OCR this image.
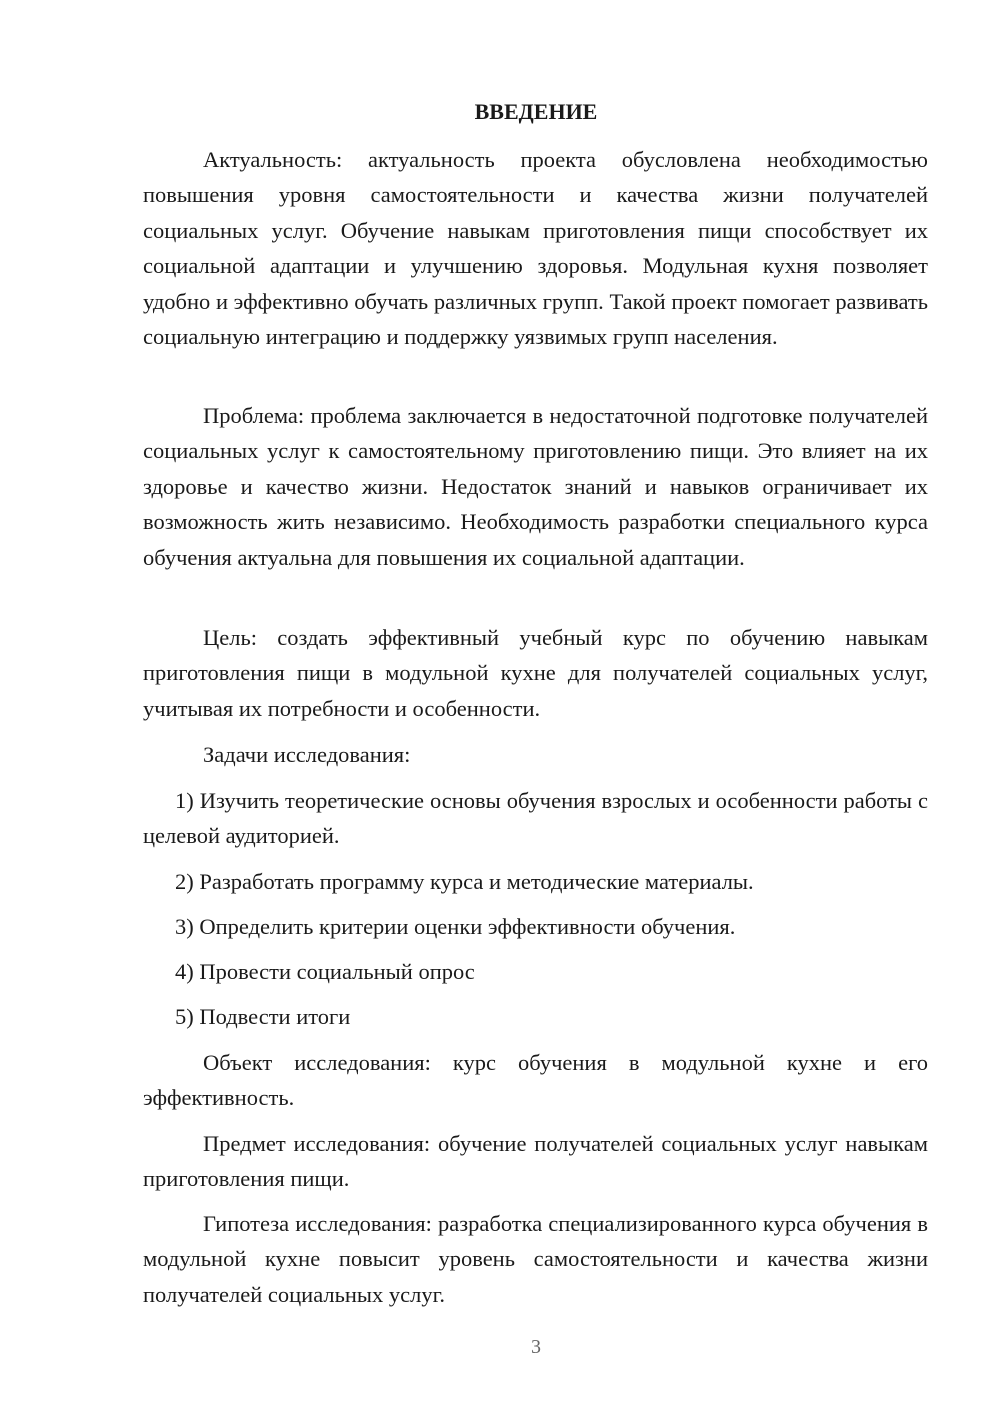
ВВЕДЕНИЕ

Актуальность: актуальность проекта обусловлена необходимостью повышения уровня самостоятельности и качества жизни получателей социальных услуг. Обучение навыкам приготовления пищи способствует их социальной адаптации и улучшению здоровья. Модульная кухня позволяет удобно и эффективно обучать различных групп. Такой проект помогает развивать социальную интеграцию и поддержку уязвимых групп населения.

Проблема: проблема заключается в недостаточной подготовке получателей социальных услуг к самостоятельному приготовлению пищи. Это влияет на их здоровье и качество жизни. Недостаток знаний и навыков ограничивает их возможность жить независимо. Необходимость разработки специального курса обучения актуальна для повышения их социальной адаптации.

Цель: создать эффективный учебный курс по обучению навыкам приготовления пищи в модульной кухне для получателей социальных услуг, учитывая их потребности и особенности.

Задачи исследования:

1) Изучить теоретические основы обучения взрослых и особенности работы с целевой аудиторией.

2) Разработать программу курса и методические материалы.

3) Определить критерии оценки эффективности обучения.

4) Провести социальный опрос

5) Подвести итоги

Объект исследования: курс обучения в модульной кухне и его эффективность.

Предмет исследования: обучение получателей социальных услуг навыкам приготовления пищи.

Гипотеза исследования: разработка специализированного курса обучения в модульной кухне повысит уровень самостоятельности и качества жизни получателей социальных услуг.

3
